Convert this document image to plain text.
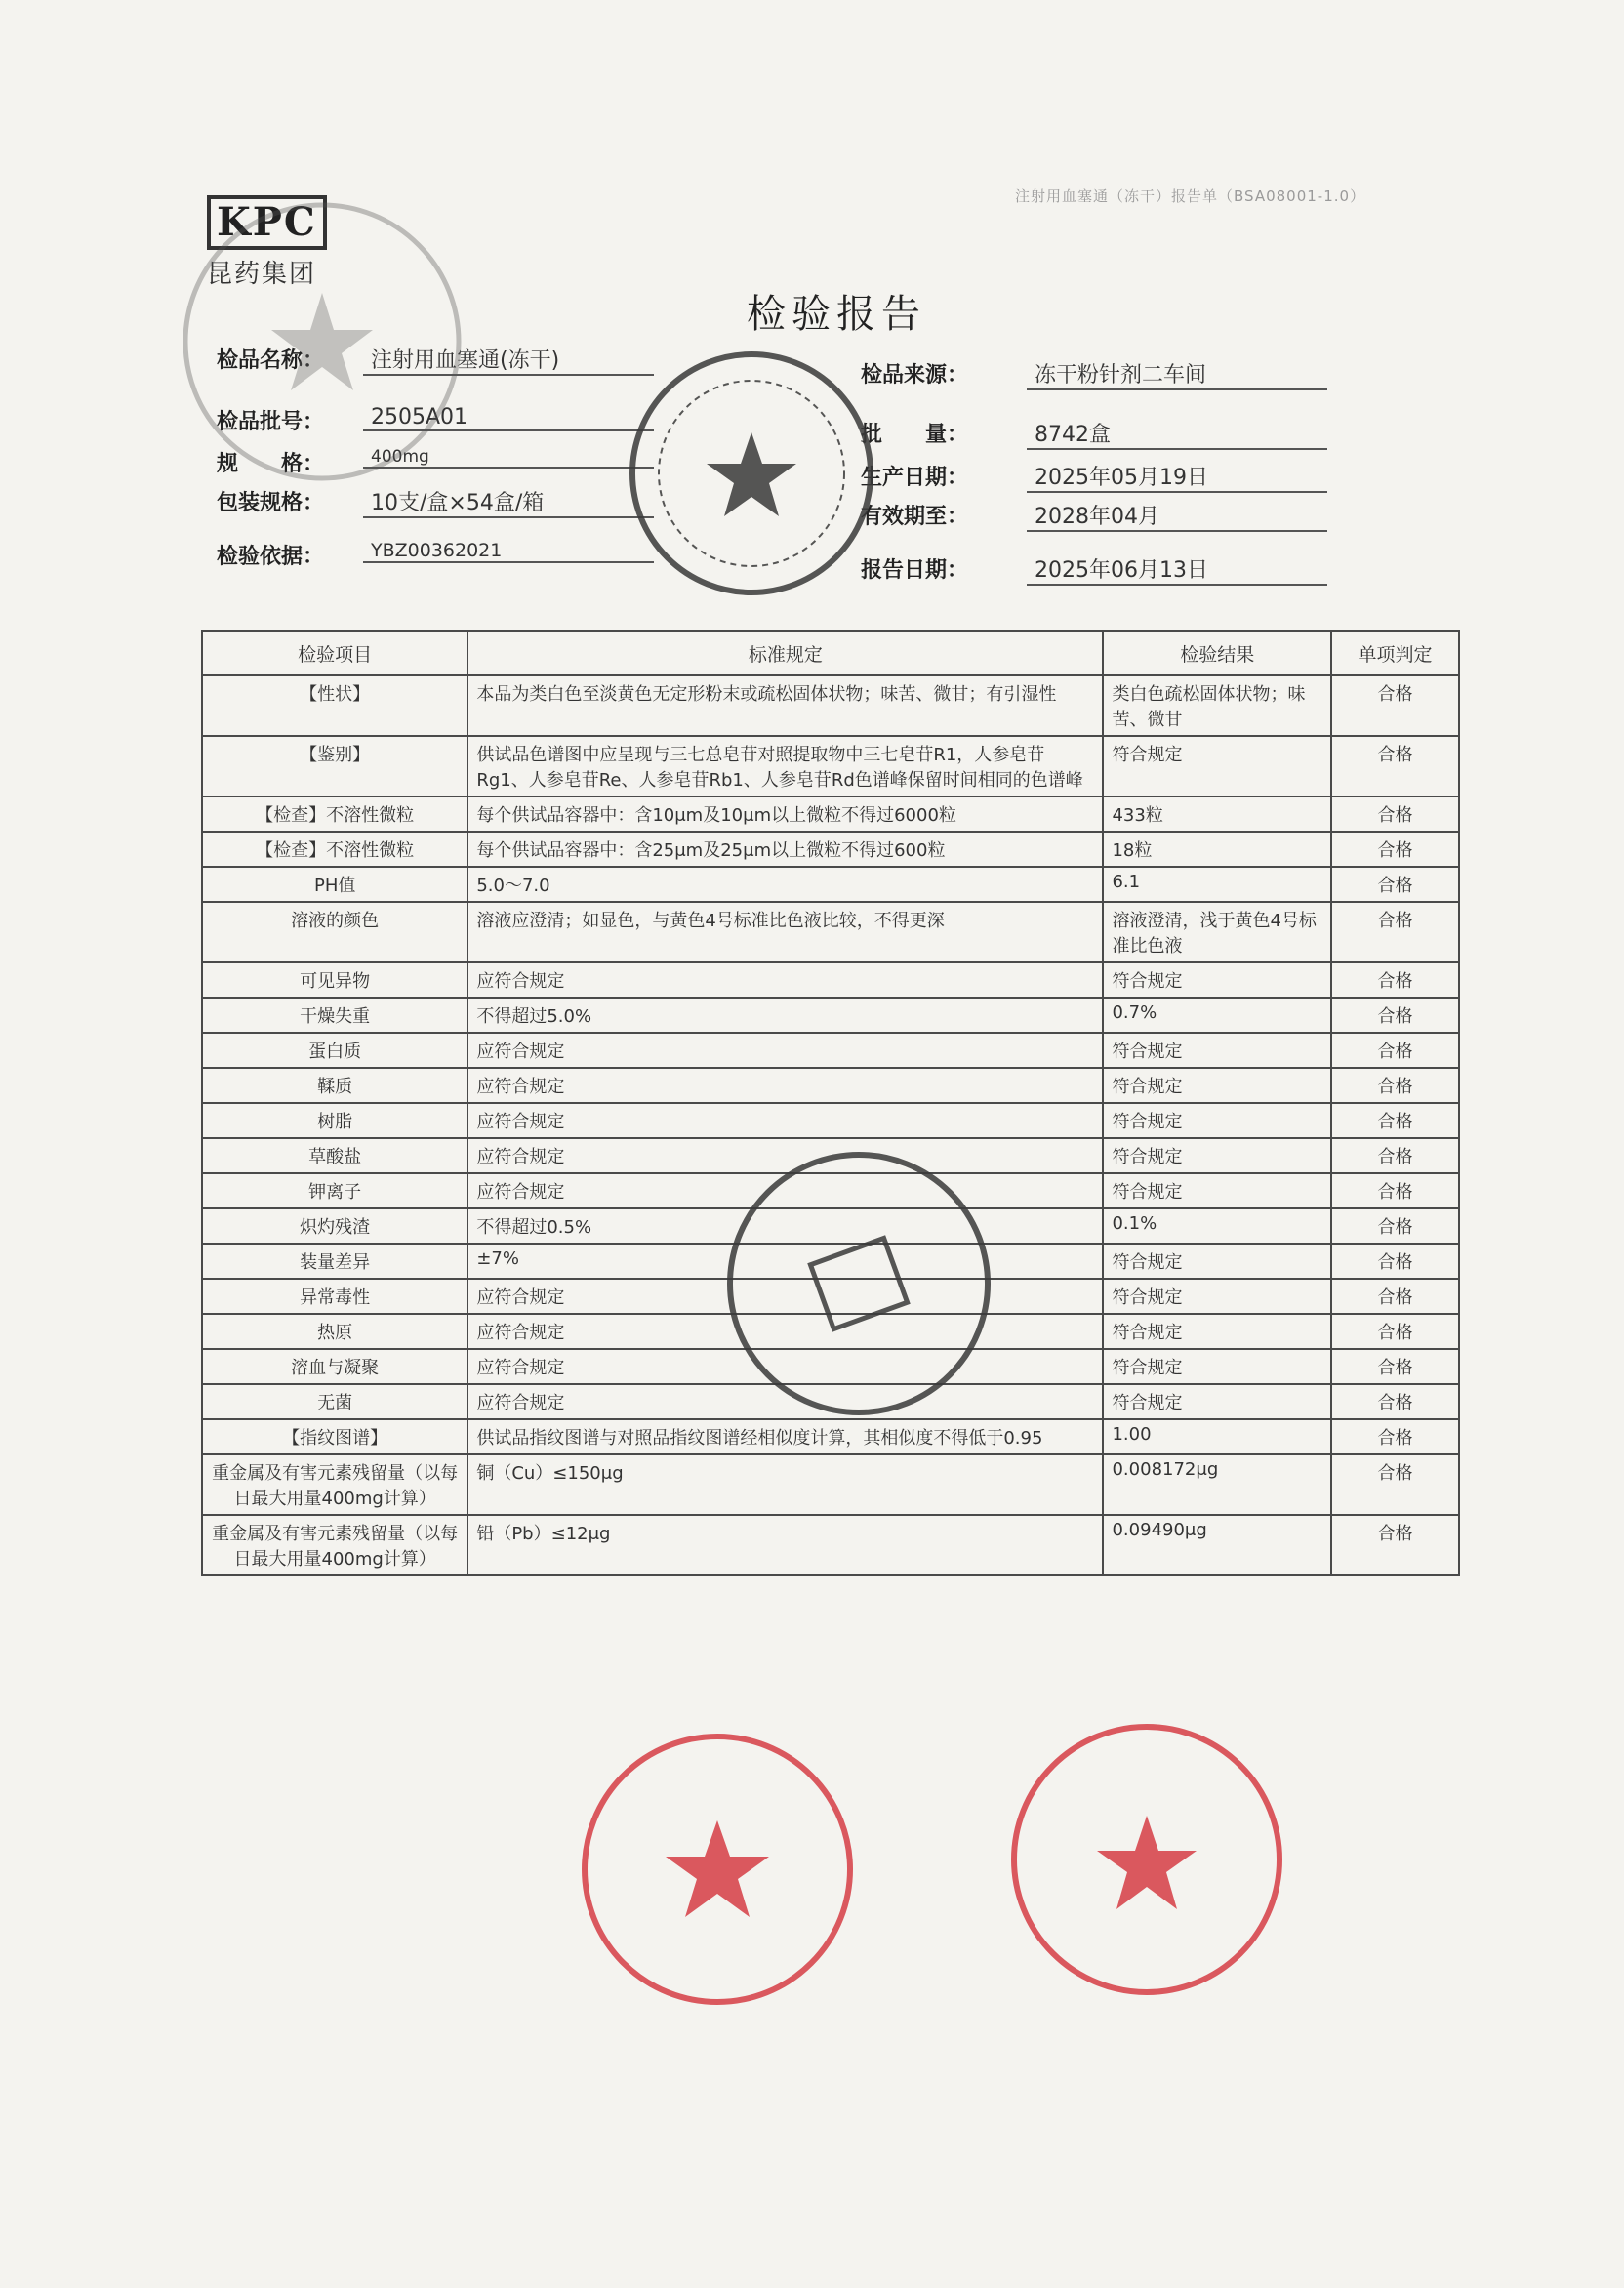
注射用血塞通（冻干）报告单（BSA08001-1.0）
KPC
昆药集团
检验报告
检品名称：	注射用血塞通(冻干)
检品批号：	2505A01
规　　格：	400mg
包装规格：	10支/盒×54盒/箱
检验依据：	YBZ00362021
检品来源：	冻干粉针剂二车间
批　　量：	8742盒
生产日期：	2025年05月19日
有效期至：	2028年04月
报告日期：	2025年06月13日
检验项目	标准规定	检验结果	单项判定
【性状】	本品为类白色至淡黄色无定形粉末或疏松固体状物；味苦、微甘；有引湿性	类白色疏松固体状物；味苦、微甘	合格
【鉴别】	供试品色谱图中应呈现与三七总皂苷对照提取物中三七皂苷R1，人参皂苷Rg1、人参皂苷Re、人参皂苷Rb1、人参皂苷Rd色谱峰保留时间相同的色谱峰	符合规定	合格
【检查】不溶性微粒	每个供试品容器中：含10μm及10μm以上微粒不得过6000粒	433粒	合格
【检查】不溶性微粒	每个供试品容器中：含25μm及25μm以上微粒不得过600粒	18粒	合格
PH值	5.0～7.0	6.1	合格
溶液的颜色	溶液应澄清；如显色，与黄色4号标准比色液比较，不得更深	溶液澄清，浅于黄色4号标准比色液	合格
可见异物	应符合规定	符合规定	合格
干燥失重	不得超过5.0%	0.7%	合格
蛋白质	应符合规定	符合规定	合格
鞣质	应符合规定	符合规定	合格
树脂	应符合规定	符合规定	合格
草酸盐	应符合规定	符合规定	合格
钾离子	应符合规定	符合规定	合格
炽灼残渣	不得超过0.5%	0.1%	合格
装量差异	±7%	符合规定	合格
异常毒性	应符合规定	符合规定	合格
热原	应符合规定	符合规定	合格
溶血与凝聚	应符合规定	符合规定	合格
无菌	应符合规定	符合规定	合格
【指纹图谱】	供试品指纹图谱与对照品指纹图谱经相似度计算，其相似度不得低于0.95	1.00	合格
重金属及有害元素残留量（以每日最大用量400mg计算）	铜（Cu）≤150μg	0.008172μg	合格
重金属及有害元素残留量（以每日最大用量400mg计算）	铅（Pb）≤12μg	0.09490μg	合格
